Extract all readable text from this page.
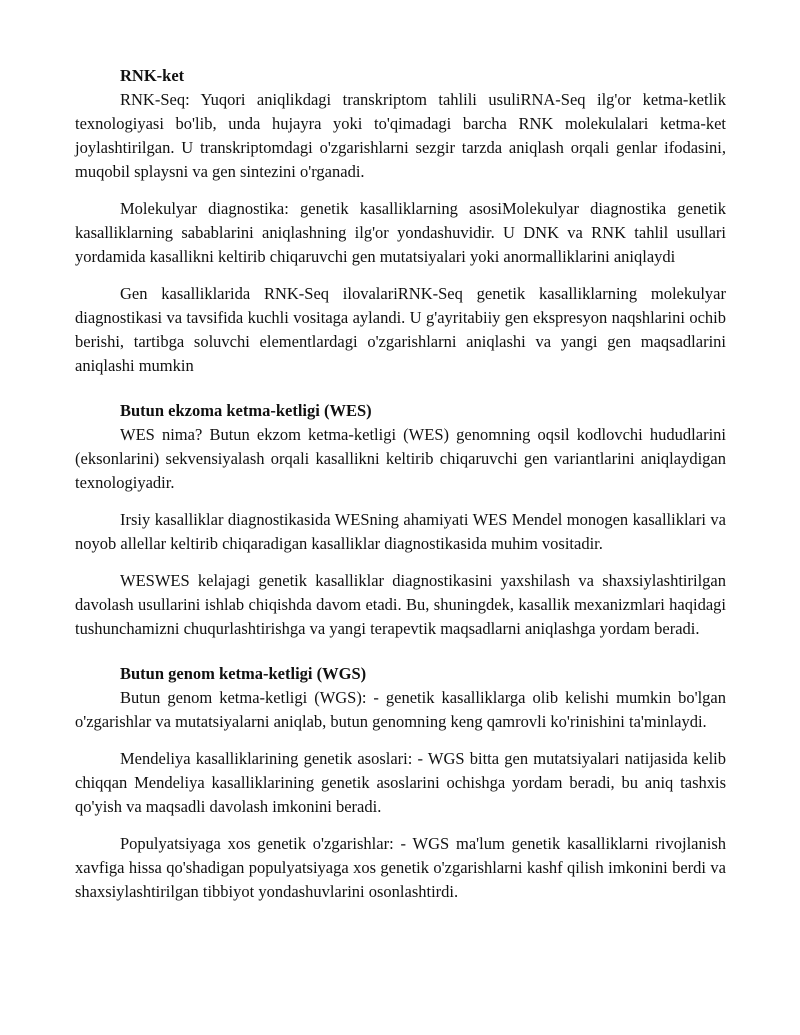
RNK-ket

RNK-Seq: Yuqori aniqlikdagi transkriptom tahlili usuliRNA-Seq ilg'or ketma-ketlik texnologiyasi bo'lib, unda hujayra yoki to'qimadagi barcha RNK molekulalari ketma-ket joylashtirilgan. U transkriptomdagi o'zgarishlarni sezgir tarzda aniqlash orqali genlar ifodasini, muqobil splaysni va gen sintezini o'rganadi.

Molekulyar diagnostika: genetik kasalliklarning asosiMolekulyar diagnostika genetik kasalliklarning sabablarini aniqlashning ilg'or yondashuvidir. U DNK va RNK tahlil usullari yordamida kasallikni keltirib chiqaruvchi gen mutatsiyalari yoki anormalliklarini aniqlaydi

Gen kasalliklarida RNK-Seq ilovalariRNK-Seq genetik kasalliklarning molekulyar diagnostikasi va tavsifida kuchli vositaga aylandi. U g'ayritabiiy gen ekspresyon naqshlarini ochib berishi, tartibga soluvchi elementlardagi o'zgarishlarni aniqlashi va yangi gen maqsadlarini aniqlashi mumkin

Butun ekzoma ketma-ketligi (WES)

WES nima? Butun ekzom ketma-ketligi (WES) genomning oqsil kodlovchi hududlarini (eksonlarini) sekvensiyalash orqali kasallikni keltirib chiqaruvchi gen variantlarini aniqlaydigan texnologiyadir.

Irsiy kasalliklar diagnostikasida WESning ahamiyati WES Mendel monogen kasalliklari va noyob allellar keltirib chiqaradigan kasalliklar diagnostikasida muhim vositadir.

WESWES kelajagi genetik kasalliklar diagnostikasini yaxshilash va shaxsiylashtirilgan davolash usullarini ishlab chiqishda davom etadi. Bu, shuningdek, kasallik mexanizmlari haqidagi tushunchamizni chuqurlashtirishga va yangi terapevtik maqsadlarni aniqlashga yordam beradi.

Butun genom ketma-ketligi (WGS)

Butun genom ketma-ketligi (WGS): - genetik kasalliklarga olib kelishi mumkin bo'lgan o'zgarishlar va mutatsiyalarni aniqlab, butun genomning keng qamrovli ko'rinishini ta'minlaydi.

Mendeliya kasalliklarining genetik asoslari: - WGS bitta gen mutatsiyalari natijasida kelib chiqqan Mendeliya kasalliklarining genetik asoslarini ochishga yordam beradi, bu aniq tashxis qo'yish va maqsadli davolash imkonini beradi.

Populyatsiyaga xos genetik o'zgarishlar: - WGS ma'lum genetik kasalliklarni rivojlanish xavfiga hissa qo'shadigan populyatsiyaga xos genetik o'zgarishlarni kashf qilish imkonini berdi va shaxsiylashtirilgan tibbiyot yondashuvlarini osonlashtirdi.
